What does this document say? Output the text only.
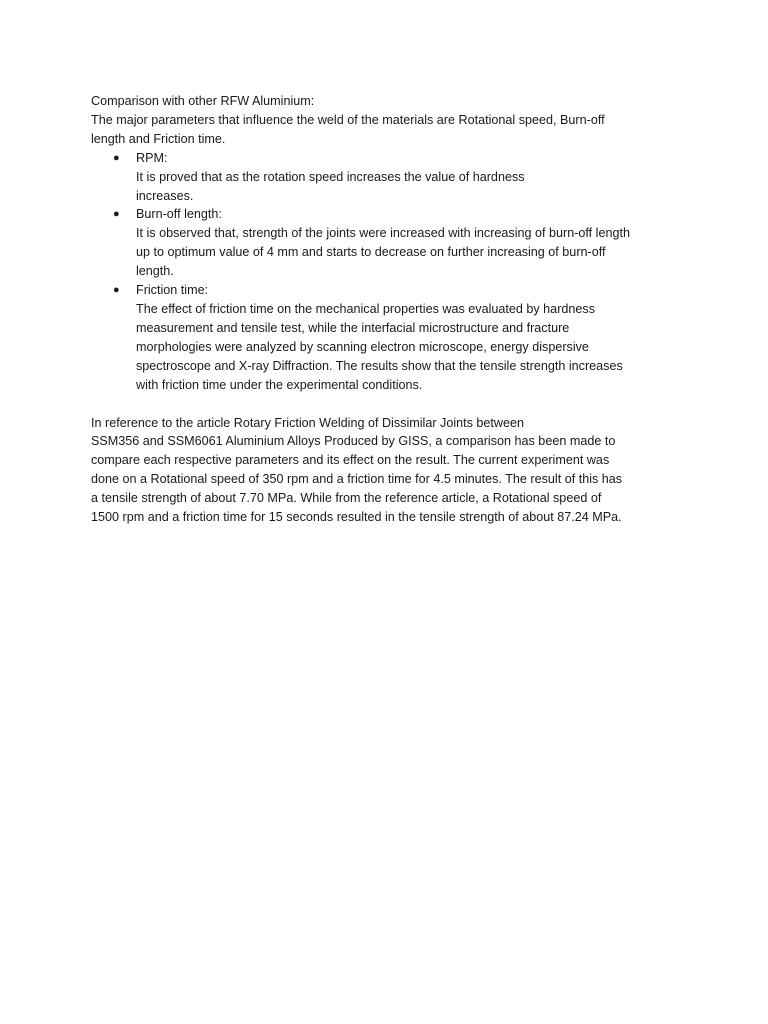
Comparison with other RFW Aluminium:
The major parameters that influence the weld of the materials are Rotational speed, Burn-off
length and Friction time.
● RPM:
It is proved that as the rotation speed increases the value of hardness
increases.
● Burn-off length:
It is observed that, strength of the joints were increased with increasing of burn-off length
up to optimum value of 4 mm and starts to decrease on further increasing of burn-off
length.
● Friction time:
The effect of friction time on the mechanical properties was evaluated by hardness
measurement and tensile test, while the interfacial microstructure and fracture
morphologies were analyzed by scanning electron microscope, energy dispersive
spectroscope and X-ray Diffraction. The results show that the tensile strength increases
with friction time under the experimental conditions.
In reference to the article Rotary Friction Welding of Dissimilar Joints between
SSM356 and SSM6061 Aluminium Alloys Produced by GISS, a comparison has been made to
compare each respective parameters and its effect on the result. The current experiment was
done on a Rotational speed of 350 rpm and a friction time for 4.5 minutes. The result of this has
a tensile strength of about 7.70 MPa. While from the reference article, a Rotational speed of
1500 rpm and a friction time for 15 seconds resulted in the tensile strength of about 87.24 MPa.
